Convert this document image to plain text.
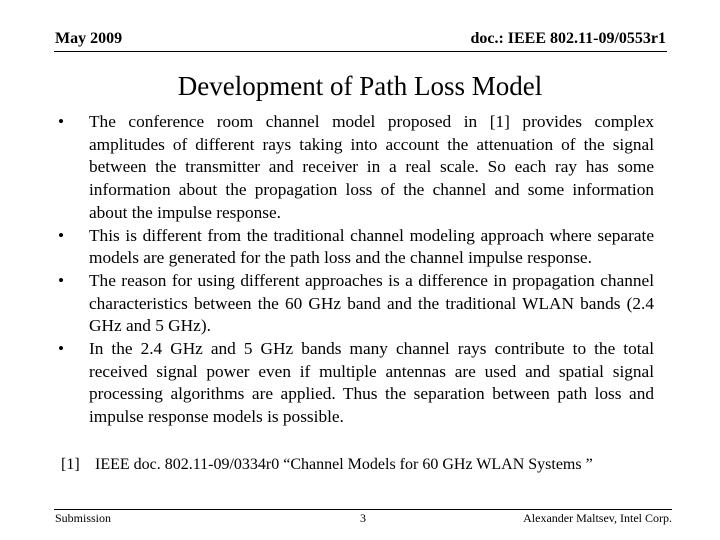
May 2009	doc.: IEEE 802.11-09/0553r1
Development of Path Loss Model
•	The conference room channel model proposed in [1] provides complex amplitudes of different rays taking into account the attenuation of the signal between the transmitter and receiver in a real scale. So each ray has some information about the propagation loss of the channel and some information about the impulse response.
•	This is different from the traditional channel modeling approach where separate models are generated for the path loss and the channel impulse response.
•	The reason for using different approaches is a difference in propagation channel characteristics between the 60 GHz band and the traditional WLAN bands (2.4 GHz and 5 GHz).
•	In the 2.4 GHz and 5 GHz bands many channel rays contribute to the total received signal power even if multiple antennas are used and spatial signal processing algorithms are applied. Thus the separation between path loss and impulse response models is possible.
[1] IEEE doc. 802.11-09/0334r0 “Channel Models for 60 GHz WLAN Systems ”
Submission	3	Alexander Maltsev, Intel Corp.
